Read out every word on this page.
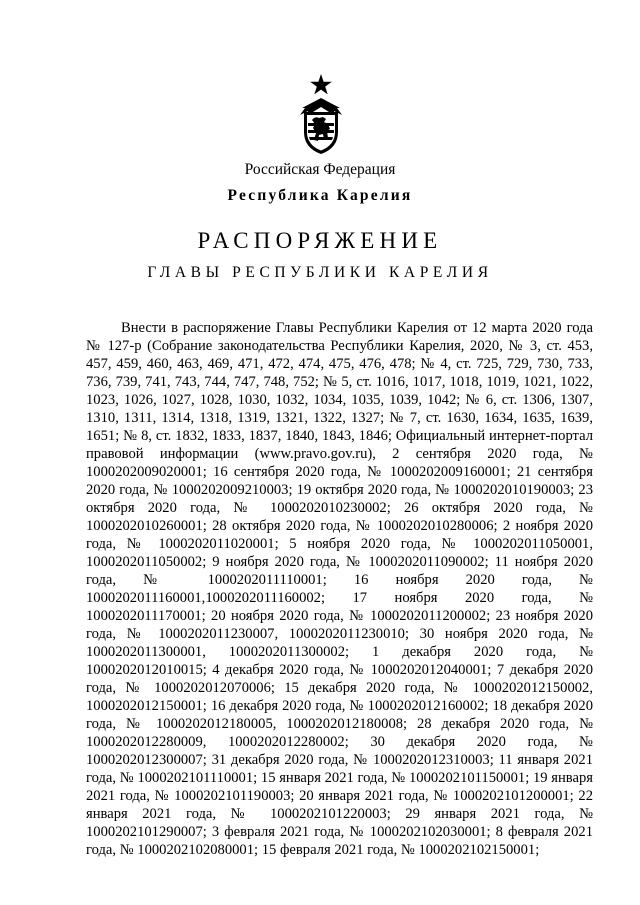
Российская Федерация
Республика Карелия
РАСПОРЯЖЕНИЕ
ГЛАВЫ РЕСПУБЛИКИ КАРЕЛИЯ

Внести в распоряжение Главы Республики Карелия от 12 марта 2020 года № 127-р (Собрание законодательства Республики Карелия, 2020, № 3, ст. 453, 457, 459, 460, 463, 469, 471, 472, 474, 475, 476, 478; № 4, ст. 725, 729, 730, 733, 736, 739, 741, 743, 744, 747, 748, 752; № 5, ст. 1016, 1017, 1018, 1019, 1021, 1022, 1023, 1026, 1027, 1028, 1030, 1032, 1034, 1035, 1039, 1042; № 6, ст. 1306, 1307, 1310, 1311, 1314, 1318, 1319, 1321, 1322, 1327; № 7, ст. 1630, 1634, 1635, 1639, 1651; № 8, ст. 1832, 1833, 1837, 1840, 1843, 1846; Официальный интернет-портал правовой информации (www.pravo.gov.ru), 2 сентября 2020 года, № 1000202009020001; 16 сентября 2020 года, № 1000202009160001; 21 сентября 2020 года, № 1000202009210003; 19 октября 2020 года, № 1000202010190003; 23 октября 2020 года, № 1000202010230002; 26 октября 2020 года, № 1000202010260001; 28 октября 2020 года, № 1000202010280006; 2 ноября 2020 года, № 1000202011020001; 5 ноября 2020 года, № 1000202011050001, 1000202011050002; 9 ноября 2020 года, № 1000202011090002; 11 ноября 2020 года, № 1000202011110001; 16 ноября 2020 года, № 1000202011160001,1000202011160002; 17 ноября 2020 года, № 1000202011170001; 20 ноября 2020 года, № 1000202011200002; 23 ноября 2020 года, № 1000202011230007, 1000202011230010; 30 ноября 2020 года, № 1000202011300001, 1000202011300002; 1 декабря 2020 года, № 1000202012010015; 4 декабря 2020 года, № 1000202012040001; 7 декабря 2020 года, № 1000202012070006; 15 декабря 2020 года, № 1000202012150002, 1000202012150001; 16 декабря 2020 года, № 1000202012160002; 18 декабря 2020 года, № 1000202012180005, 1000202012180008; 28 декабря 2020 года, № 1000202012280009, 1000202012280002; 30 декабря 2020 года, № 1000202012300007; 31 декабря 2020 года, № 1000202012310003; 11 января 2021 года, № 1000202101110001; 15 января 2021 года, № 1000202101150001; 19 января 2021 года, № 1000202101190003; 20 января 2021 года, № 1000202101200001; 22 января 2021 года, № 1000202101220003; 29 января 2021 года, № 1000202101290007; 3 февраля 2021 года, № 1000202102030001; 8 февраля 2021 года, № 1000202102080001; 15 февраля 2021 года, № 1000202102150001;
